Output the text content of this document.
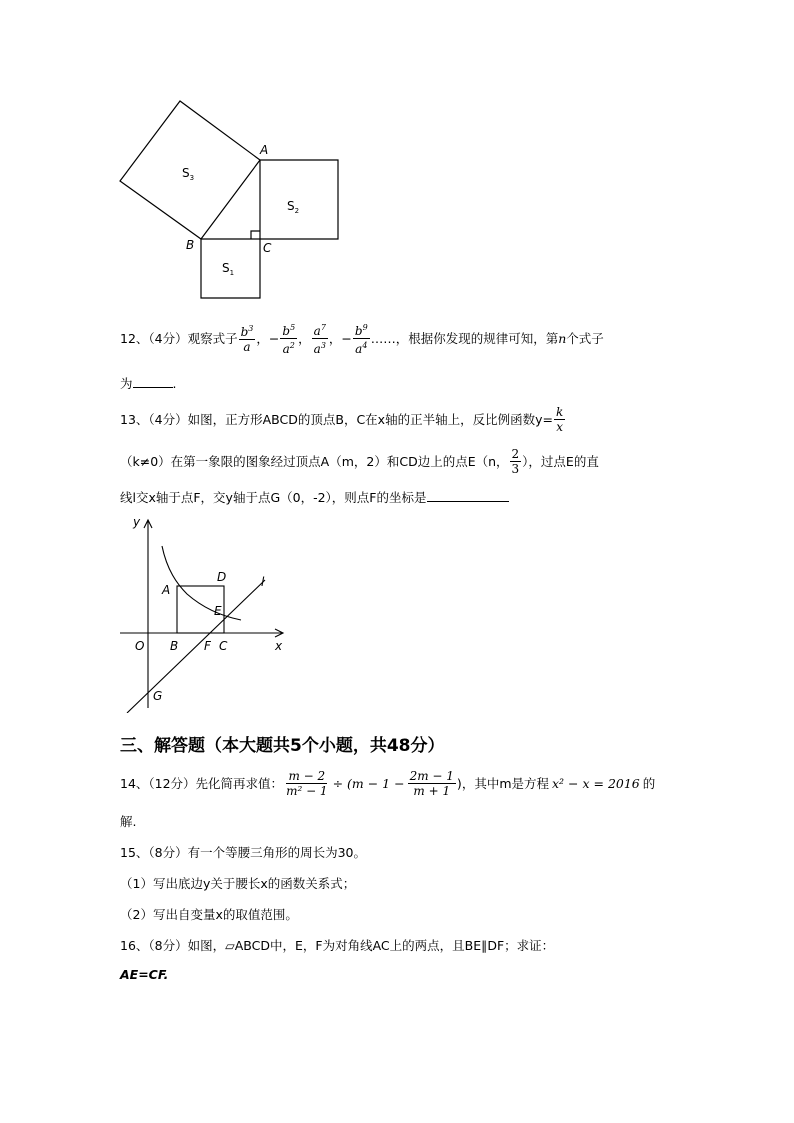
A
B	C
$S_3$
$S_2$
$S_1$
12、（4分）观察式子 $\frac{b^3}{a}$ ，− $\frac{b^5}{a^2}$ ， $\frac{a^7}{a^3}$ ，− $\frac{b^9}{a^4}$ ……，根据你发现的规律可知，第 n 个式子
为	.
13、（4分）如图，正方形ABCD的顶点B，C在x轴的正半轴上，反比例函数$y= \frac{k}{x}$
（k≠0）在第一象限的图象经过顶点A（m，2）和CD边上的点E（n， $\frac{2}{3}$ ），过点E的直
线l交x轴于点F，交y轴于点G（0，-2），则点F的坐标是
y
x
O
A
B
D
E
F C
G
l
三、解答题（本大题共5个小题，共48分）
14、（12分）先化简再求值： $\frac{m - 2}{\text{m² − 1}} \div (m - 1 - \frac{2m - 1}{m + 1}$ ) ，其中m是方程 x² − x = 2016 的
解.
15、（8分）有一个等腰三角形的周长为30。
（1）写出底边y关于腰长x的函数关系式；
（2）写出自变量x的取值范围。
16、（8分）如图，▱ABCD中，E，F为对角线AC上的两点，且BE∥DF；求证：
AE=CF.
